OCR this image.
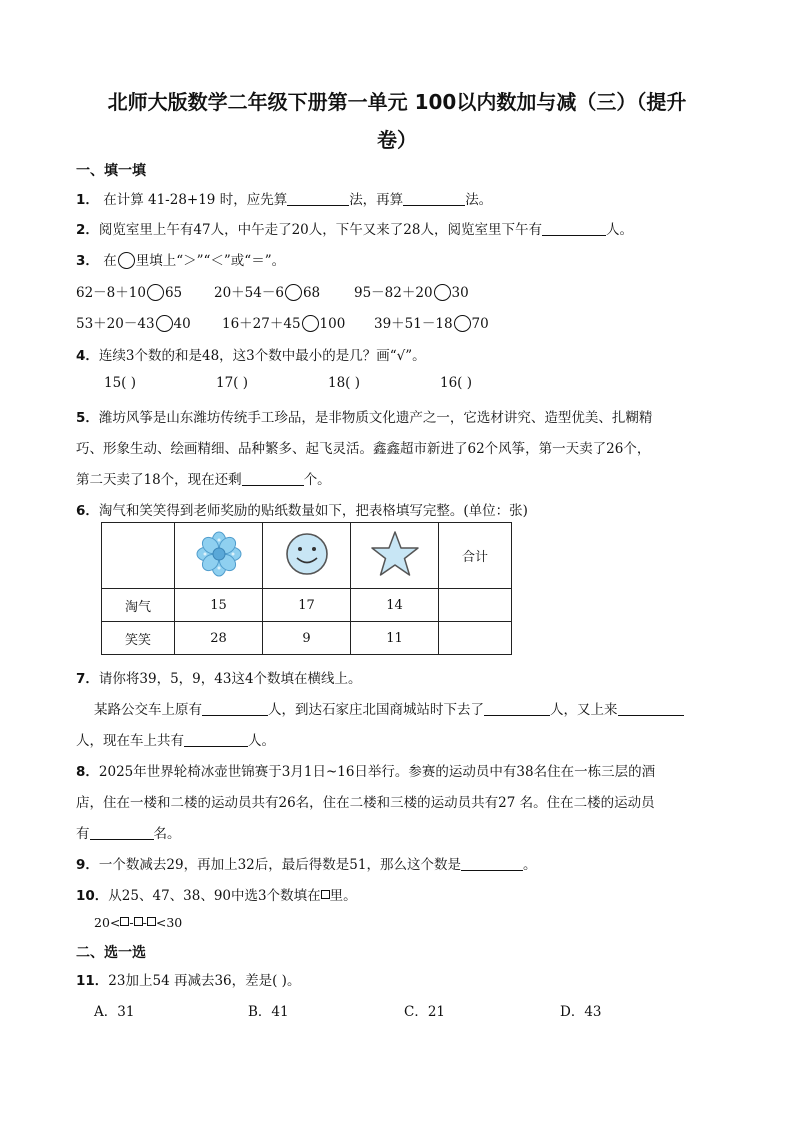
北师大版数学二年级下册第一单元 100以内数加与减（三）（提升
卷）
一、填一填
1． 在计算 41-28+19 时，应先算	法，再算	法。
2．阅览室里上午有47人，中午走了20人，下午又来了28人，阅览室里下午有	人。
3． 在 里填上“＞”“＜”或“＝”。
62－8＋10 65 20＋54－6 68	95－82＋20 30
53＋20－43 40 16＋27＋45 100 39＋51－18 70
4．连续3个数的和是48，这3个数中最小的是几？画“√”。
15( )	17( )	18( )	16( )
5．潍坊风筝是山东潍坊传统手工珍品，是非物质文化遗产之一，它选材讲究、造型优美、扎糊精
巧、形象生动、绘画精细、品种繁多、起飞灵活。鑫鑫超市新进了62个风筝，第一天卖了26个，
第二天卖了18个，现在还剩	个。
6．淘气和笑笑得到老师奖励的贴纸数量如下，把表格填写完整。(单位：张)
				合计
淘气	15	17	14	
笑笑	28	9	11	
7．请你将39，5，9，43这4个数填在横线上。
某路公交车上原有	人，到达石家庄北国商城站时下去了	人，又上来
人，现在车上共有	人。
8．2025年世界轮椅冰壶世锦赛于3月1日~16日举行。参赛的运动员中有38名住在一栋三层的酒
店，住在一楼和二楼的运动员共有26名，住在二楼和三楼的运动员共有27 名。住在二楼的运动员
有	名。
9．一个数减去29，再加上32后，最后得数是51，那么这个数是	。
10．从25、47、38、90中选3个数填在 里。
20< - - <30
二、选一选
11．23加上54 再减去36，差是( )。
A．31	B．41	C．21	D．43
